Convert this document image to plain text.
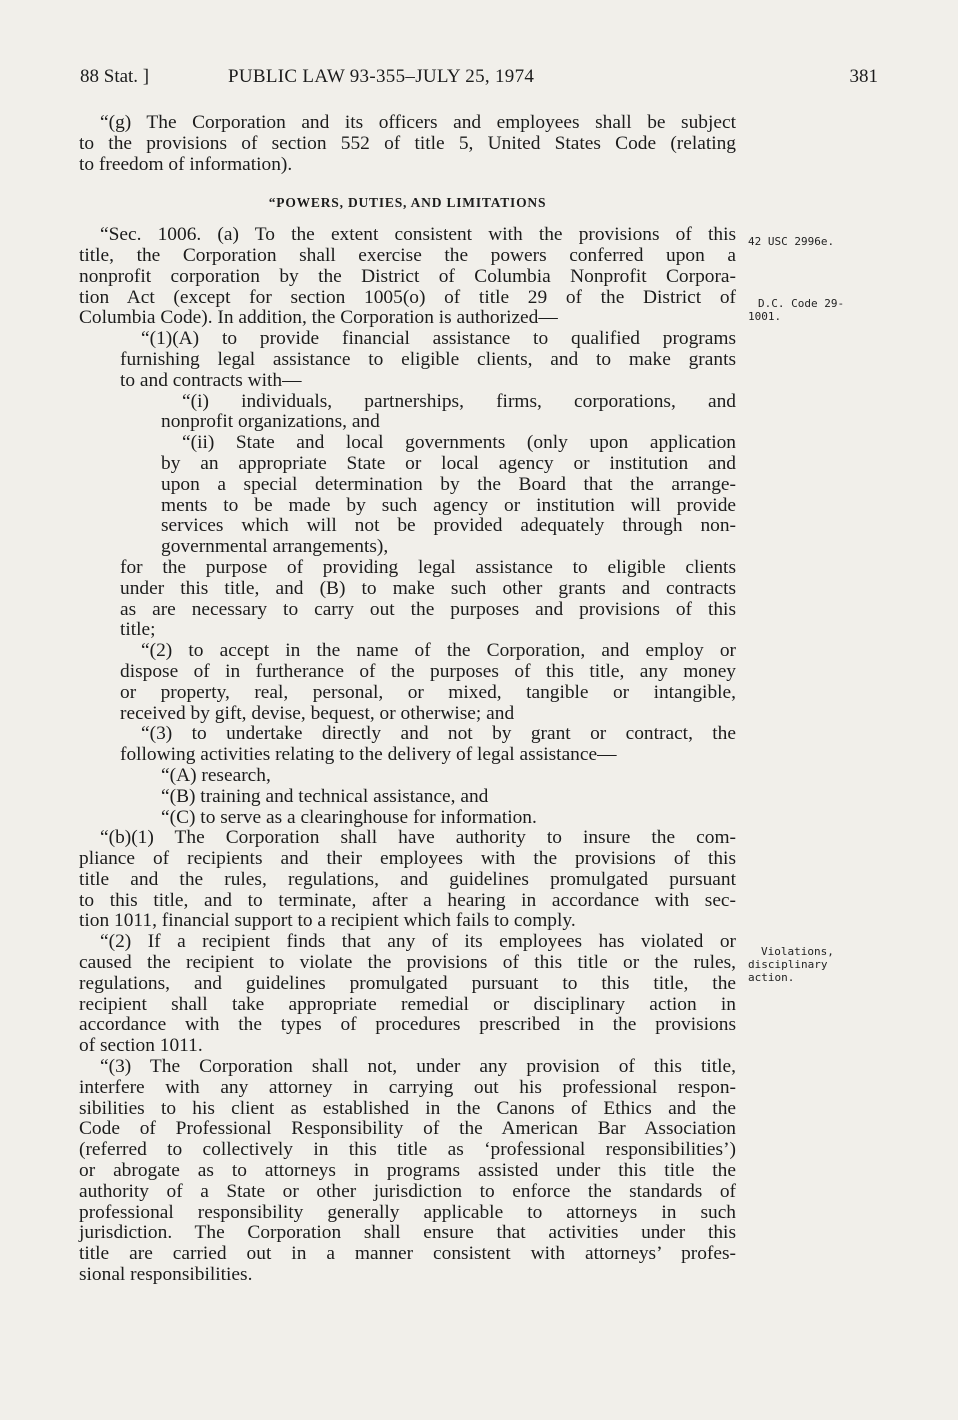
88 Stat. ]	PUBLIC LAW 93-355–JULY 25, 1974	381
“(g) The Corporation and its officers and employees shall be subject
to the provisions of section 552 of title 5, United States Code (relating
to freedom of information).
“POWERS, DUTIES, AND LIMITATIONS
“Sec. 1006. (a) To the extent consistent with the provisions of this
title, the Corporation shall exercise the powers conferred upon a
nonprofit corporation by the District of Columbia Nonprofit Corpora-
tion Act (except for section 1005(o) of title 29 of the District of
Columbia Code). In addition, the Corporation is authorized—
“(1)(A) to provide financial assistance to qualified programs
furnishing legal assistance to eligible clients, and to make grants
to and contracts with—
“(i) individuals, partnerships, firms, corporations, and
nonprofit organizations, and
“(ii) State and local governments (only upon application
by an appropriate State or local agency or institution and
upon a special determination by the Board that the arrange-
ments to be made by such agency or institution will provide
services which will not be provided adequately through non-
governmental arrangements),
for the purpose of providing legal assistance to eligible clients
under this title, and (B) to make such other grants and contracts
as are necessary to carry out the purposes and provisions of this
title;
“(2) to accept in the name of the Corporation, and employ or
dispose of in furtherance of the purposes of this title, any money
or property, real, personal, or mixed, tangible or intangible,
received by gift, devise, bequest, or otherwise; and
“(3) to undertake directly and not by grant or contract, the
following activities relating to the delivery of legal assistance—
“(A) research,
“(B) training and technical assistance, and
“(C) to serve as a clearinghouse for information.
“(b)(1) The Corporation shall have authority to insure the com-
pliance of recipients and their employees with the provisions of this
title and the rules, regulations, and guidelines promulgated pursuant
to this title, and to terminate, after a hearing in accordance with sec-
tion 1011, financial support to a recipient which fails to comply.
“(2) If a recipient finds that any of its employees has violated or
caused the recipient to violate the provisions of this title or the rules,
regulations, and guidelines promulgated pursuant to this title, the
recipient shall take appropriate remedial or disciplinary action in
accordance with the types of procedures prescribed in the provisions
of section 1011.
“(3) The Corporation shall not, under any provision of this title,
interfere with any attorney in carrying out his professional respon-
sibilities to his client as established in the Canons of Ethics and the
Code of Professional Responsibility of the American Bar Association
(referred to collectively in this title as ‘professional responsibilities’)
or abrogate as to attorneys in programs assisted under this title the
authority of a State or other jurisdiction to enforce the standards of
professional responsibility generally applicable to attorneys in such
jurisdiction. The Corporation shall ensure that activities under this
title are carried out in a manner consistent with attorneys’ profes-
sional responsibilities.
42 USC 2996e.
D.C. Code 29-
1001.
Violations,
disciplinary
action.
